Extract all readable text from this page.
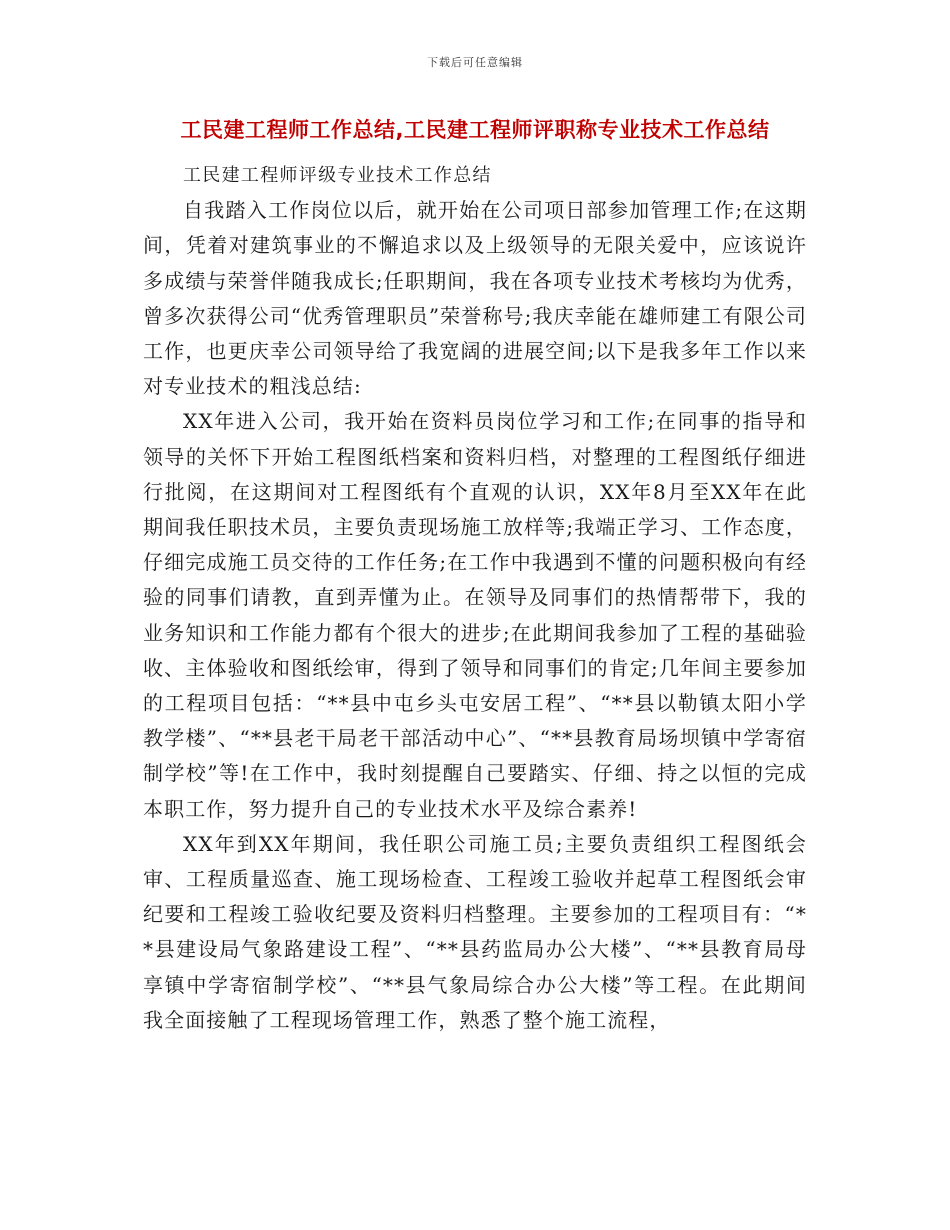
下载后可任意编辑
工民建工程师工作总结,工民建工程师评职称专业技术工作总结

工民建工程师评级专业技术工作总结

自我踏入工作岗位以后，就开始在公司项日部参加管理工作;在这期间，凭着对建筑事业的不懈追求以及上级领导的无限关爱中，应该说许多成绩与荣誉伴随我成长;任职期间，我在各项专业技术考核均为优秀，曾多次获得公司“优秀管理职员”荣誉称号;我庆幸能在雄师建工有限公司工作，也更庆幸公司领导给了我宽阔的进展空间;以下是我多年工作以来对专业技术的粗浅总结:

XX年进入公司，我开始在资料员岗位学习和工作;在同事的指导和领导的关怀下开始工程图纸档案和资料归档，对整理的工程图纸仔细进行批阅，在这期间对工程图纸有个直观的认识，XX年8月至XX年在此期间我任职技术员，主要负责现场施工放样等;我端正学习、工作态度，仔细完成施工员交待的工作任务;在工作中我遇到不懂的问题积极向有经验的同事们请教，直到弄懂为止。在领导及同事们的热情帮带下，我的业务知识和工作能力都有个很大的进步;在此期间我参加了工程的基础验收、主体验收和图纸绘审，得到了领导和同事们的肯定;几年间主要参加的工程项目包括：“**县中屯乡头屯安居工程”、“**县以勒镇太阳小学教学楼”、“**县老干局老干部活动中心”、“**县教育局场坝镇中学寄宿制学校”等!在工作中，我时刻提醒自己要踏实、仔细、持之以恒的完成本职工作，努力提升自己的专业技术水平及综合素养!

XX年到XX年期间，我任职公司施工员;主要负责组织工程图纸会审、工程质量巡查、施工现场检查、工程竣工验收并起草工程图纸会审纪要和工程竣工验收纪要及资料归档整理。主要参加的工程项目有：“**县建设局气象路建设工程”、“**县药监局办公大楼”、“**县教育局母享镇中学寄宿制学校”、“**县气象局综合办公大楼”等工程。在此期间我全面接触了工程现场管理工作，熟悉了整个施工流程，
